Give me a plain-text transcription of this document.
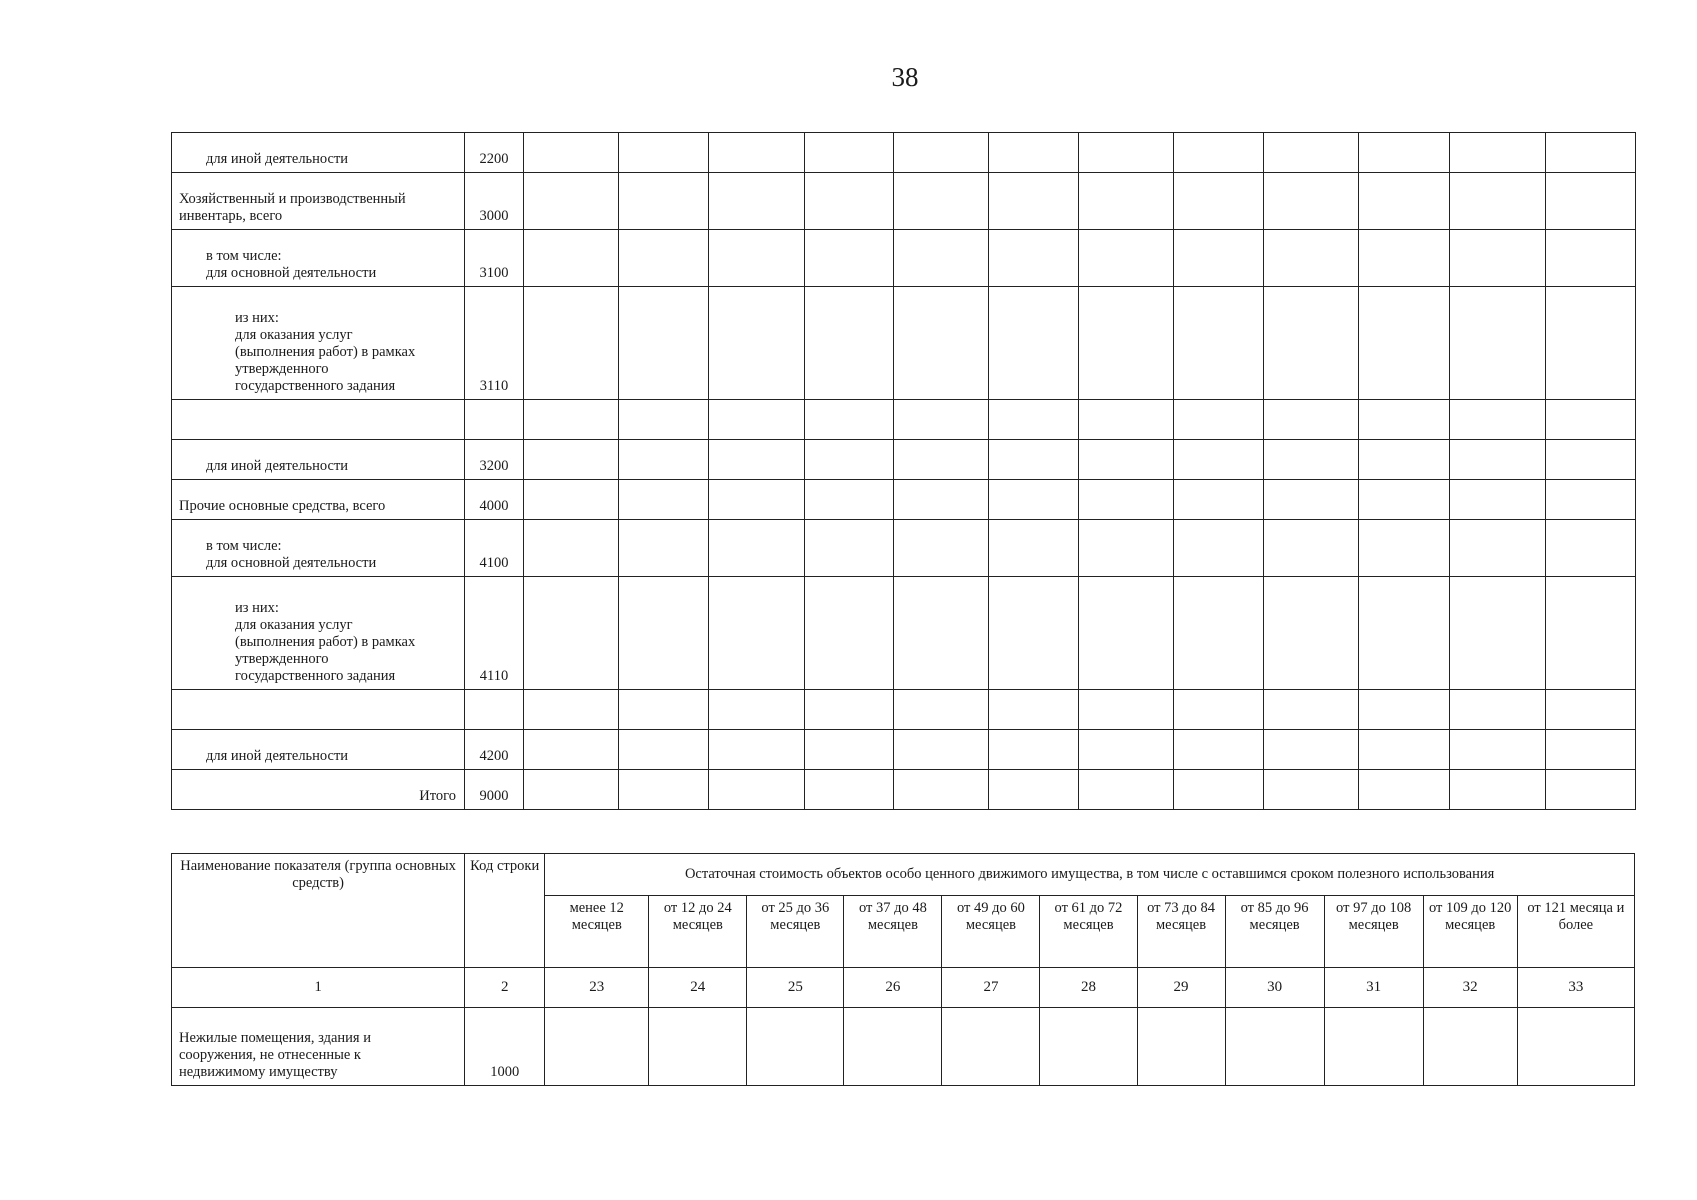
38
для иной деятельности	2200												

Хозяйственный и производственный
инвентарь, всего	3000												

в том числе:
для основной деятельности	3100												

из них:
для оказания услуг
(выполнения работ) в рамках
утвержденного
государственного задания	3110												

для иной деятельности	3200												

Прочие основные средства, всего	4000												

в том числе:
для основной деятельности	4100												

из них:
для оказания услуг
(выполнения работ) в рамках
утвержденного
государственного задания	4110												

для иной деятельности	4200												

Итого	9000												
Наименование показателя (группа основных средств)	Код строки	Остаточная стоимость объектов особо ценного движимого имущества, в том числе с оставшимся сроком полезного использования										
		менее 12 месяцев	от 12 до 24 месяцев	от 25 до 36 месяцев	от 37 до 48 месяцев	от 49 до 60 месяцев	от 61 до 72 месяцев	от 73 до 84 месяцев	от 85 до 96 месяцев	от 97 до 108 месяцев	от 109 до 120 месяцев	от 121 месяца и более
1	2	23	24	25	26	27	28	29	30	31	32	33

Нежилые помещения, здания и
сооружения, не отнесенные к
недвижимому имуществу	1000											
